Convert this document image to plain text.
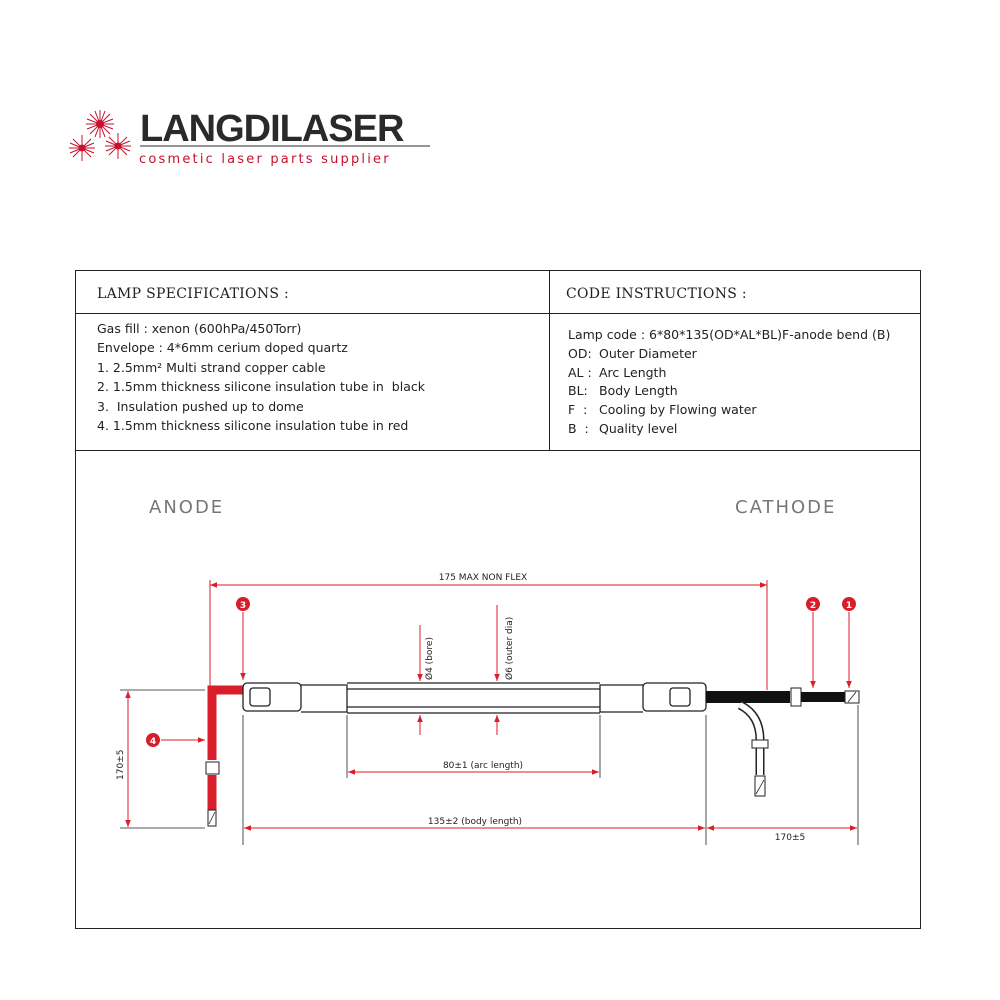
LANGDILASER
cosmetic laser parts supplier
LAMP SPECIFICATIONS :	CODE INSTRUCTIONS :
Gas fill : xenon (600hPa/450Torr)
Envelope : 4*6mm cerium doped quartz
1. 2.5mm² Multi strand copper cable
2. 1.5mm thickness silicone insulation tube in  black
3.  Insulation pushed up to dome
4. 1.5mm thickness silicone insulation tube in red
Lamp code : 6*80*135(OD*AL*BL)F-anode bend (B)
OD: Outer Diameter
AL : Arc Length
BL: Body Length
F  : Cooling by Flowing water
B  : Quality level
ANODE	CATHODE
175 MAX NON FLEX
Ø4 (bore)	Ø6 (outer dia)
80±1 (arc length)
135±2 (body length)
170±5
170±5
1
2
3
4
